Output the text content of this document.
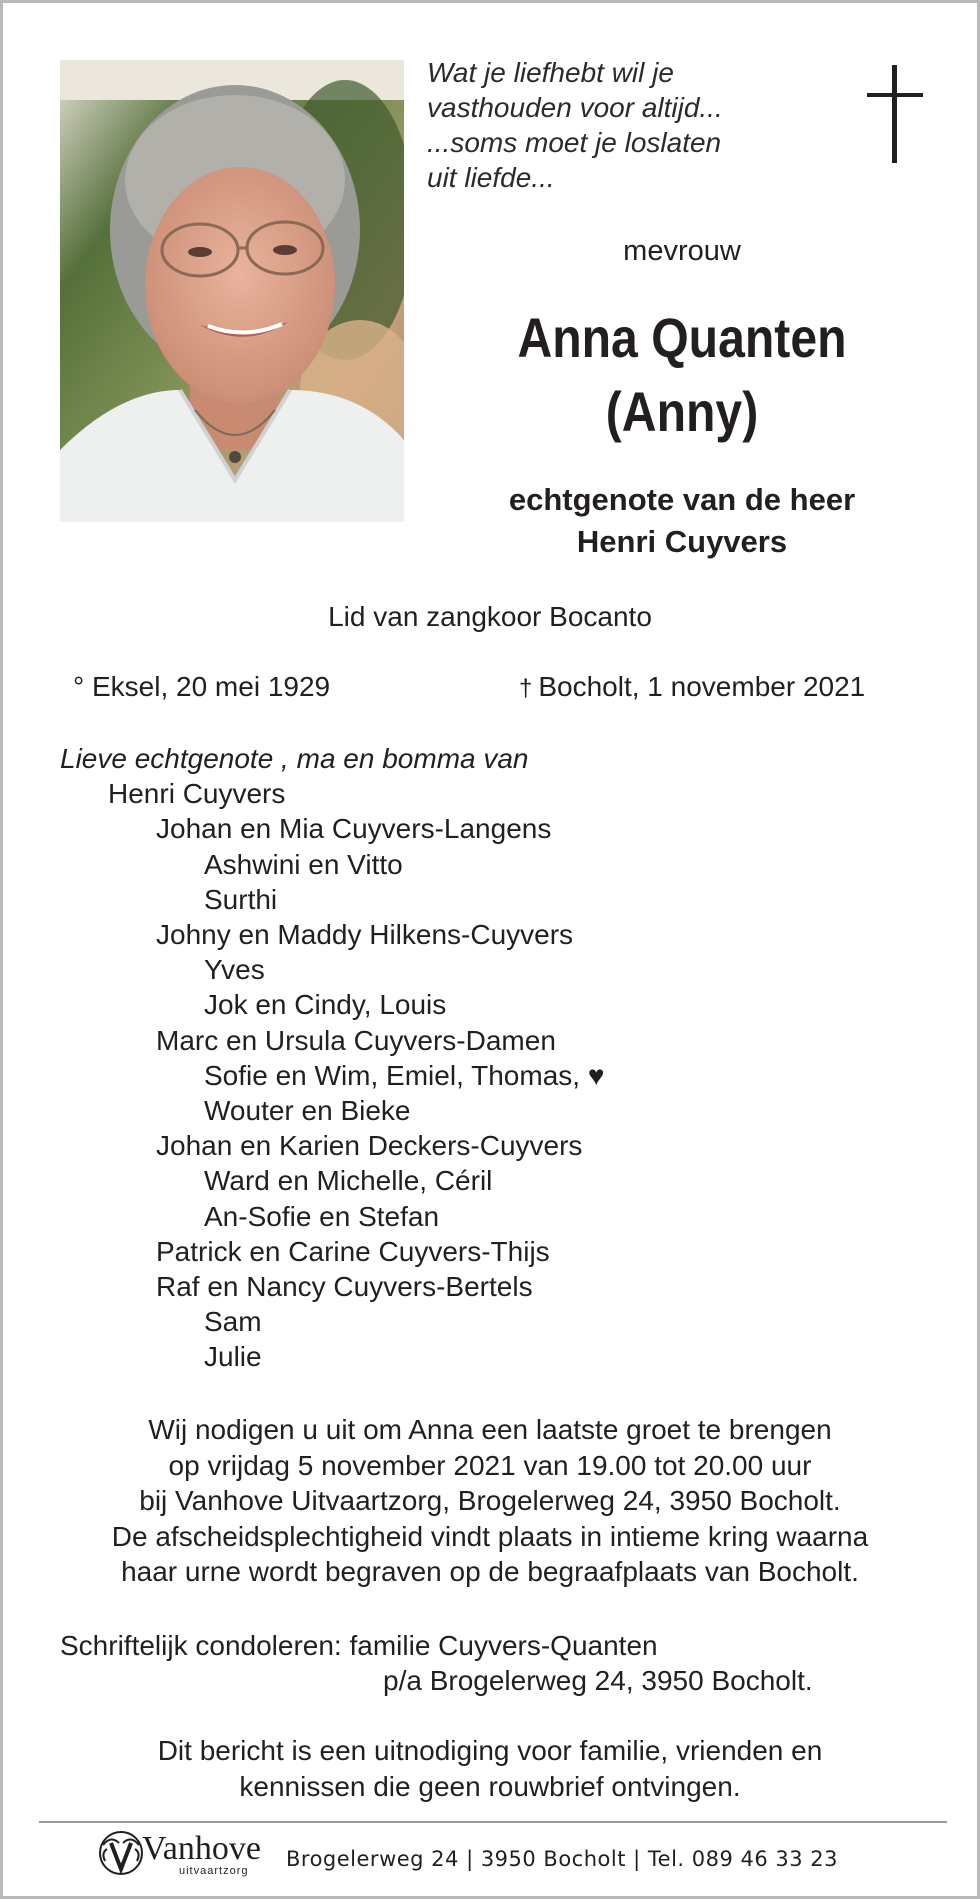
Wat je liefhebt wil je
vasthouden voor altijd...
...soms moet je loslaten
uit liefde...
mevrouw
Anna Quanten
(Anny)
echtgenote van de heer
Henri Cuyvers
Lid van zangkoor Bocanto
° Eksel, 20 mei 1929	† Bocholt, 1 november 2021
Lieve echtgenote , ma en bomma van
Henri Cuyvers
Johan en Mia Cuyvers-Langens
Ashwini en Vitto
Surthi
Johny en Maddy Hilkens-Cuyvers
Yves
Jok en Cindy, Louis
Marc en Ursula Cuyvers-Damen
Sofie en Wim, Emiel, Thomas, ♥
Wouter en Bieke
Johan en Karien Deckers-Cuyvers
Ward en Michelle, Céril
An-Sofie en Stefan
Patrick en Carine Cuyvers-Thijs
Raf en Nancy Cuyvers-Bertels
Sam
Julie
Wij nodigen u uit om Anna een laatste groet te brengen
op vrijdag 5 november 2021 van 19.00 tot 20.00 uur
bij Vanhove Uitvaartzorg, Brogelerweg 24, 3950 Bocholt.
De afscheidsplechtigheid vindt plaats in intieme kring waarna
haar urne wordt begraven op de begraafplaats van Bocholt.
Schriftelijk condoleren: familie Cuyvers-Quanten
p/a Brogelerweg 24, 3950 Bocholt.
Dit bericht is een uitnodiging voor familie, vrienden en
kennissen die geen rouwbrief ontvingen.
Vanhove
uitvaartzorg Brogelerweg 24 | 3950 Bocholt | Tel. 089 46 33 23
